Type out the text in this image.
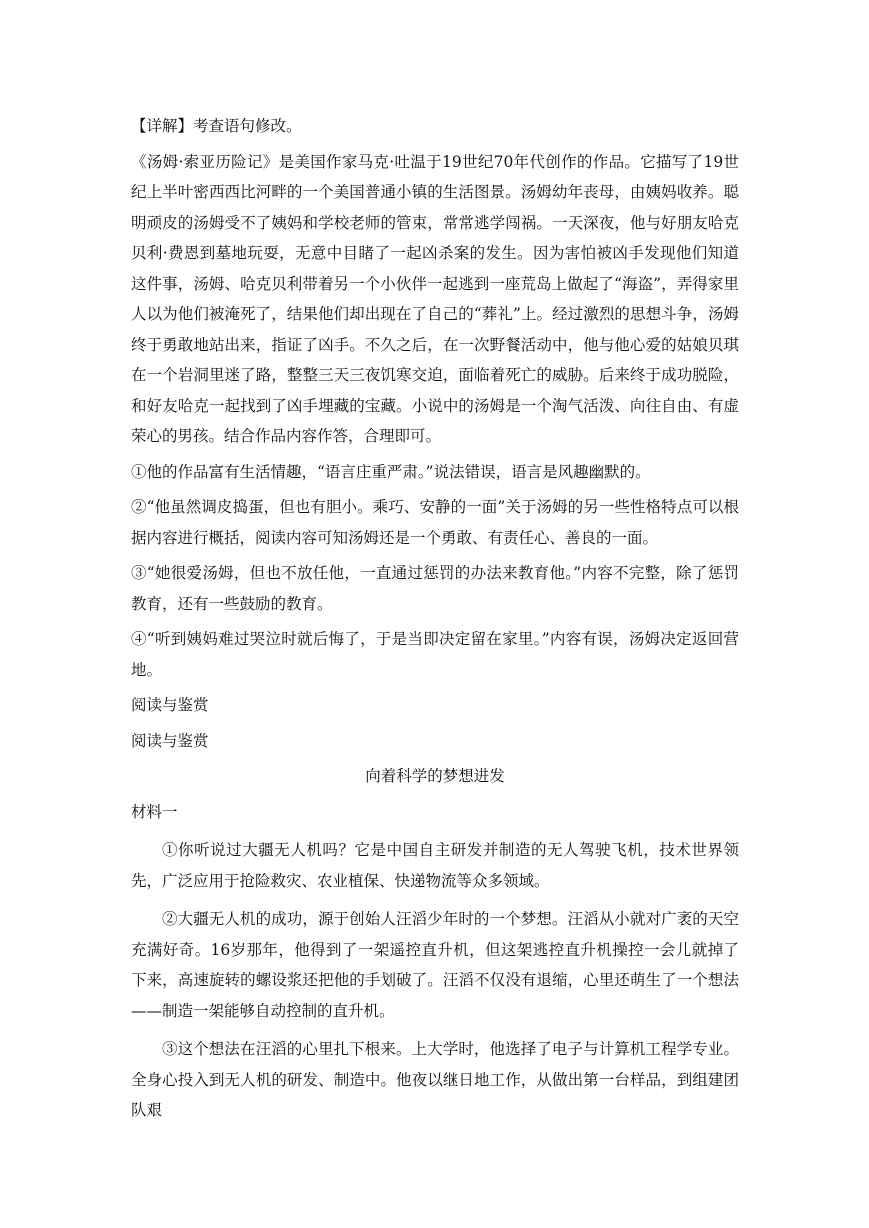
【详解】考查语句修改。

《汤姆·索亚历险记》是美国作家马克·吐温于19世纪70年代创作的作品。它描写了19世纪上半叶密西西比河畔的一个美国普通小镇的生活图景。汤姆幼年丧母，由姨妈收养。聪明顽皮的汤姆受不了姨妈和学校老师的管束，常常逃学闯祸。一天深夜，他与好朋友哈克贝利·费恩到墓地玩耍，无意中目睹了一起凶杀案的发生。因为害怕被凶手发现他们知道这件事，汤姆、哈克贝利带着另一个小伙伴一起逃到一座荒岛上做起了“海盗”，弄得家里人以为他们被淹死了，结果他们却出现在了自己的“葬礼”上。经过激烈的思想斗争，汤姆终于勇敢地站出来，指证了凶手。不久之后，在一次野餐活动中，他与他心爱的姑娘贝琪在一个岩洞里迷了路，整整三天三夜饥寒交迫，面临着死亡的威胁。后来终于成功脱险，和好友哈克一起找到了凶手埋藏的宝藏。小说中的汤姆是一个淘气活泼、向往自由、有虚荣心的男孩。结合作品内容作答，合理即可。

①他的作品富有生活情趣，“语言庄重严肃。”说法错误，语言是风趣幽默的。

②“他虽然调皮捣蛋，但也有胆小。乘巧、安静的一面”关于汤姆的另一些性格特点可以根据内容进行概括，阅读内容可知汤姆还是一个勇敢、有责任心、善良的一面。

③“她很爱汤姆，但也不放任他，一直通过惩罚的办法来教育他。”内容不完整，除了惩罚教育，还有一些鼓励的教育。

④“听到姨妈难过哭泣时就后悔了，于是当即决定留在家里。”内容有误，汤姆决定返回营地。

阅读与鉴赏

阅读与鉴赏

向着科学的梦想进发

材料一

①你听说过大疆无人机吗？它是中国自主研发并制造的无人驾驶飞机，技术世界领先，广泛应用于抢险救灾、农业植保、快递物流等众多领域。

②大疆无人机的成功，源于创始人汪滔少年时的一个梦想。汪滔从小就对广袤的天空充满好奇。16岁那年，他得到了一架遥控直升机，但这架逃控直升机操控一会儿就掉了下来，高速旋转的螺设浆还把他的手划破了。汪滔不仅没有退缩，心里还萌生了一个想法——制造一架能够自动控制的直升机。

③这个想法在汪滔的心里扎下根来。上大学时，他选择了电子与计算机工程学专业。全身心投入到无人机的研发、制造中。他夜以继日地工作，从做出第一台样品，到组建团队艰
